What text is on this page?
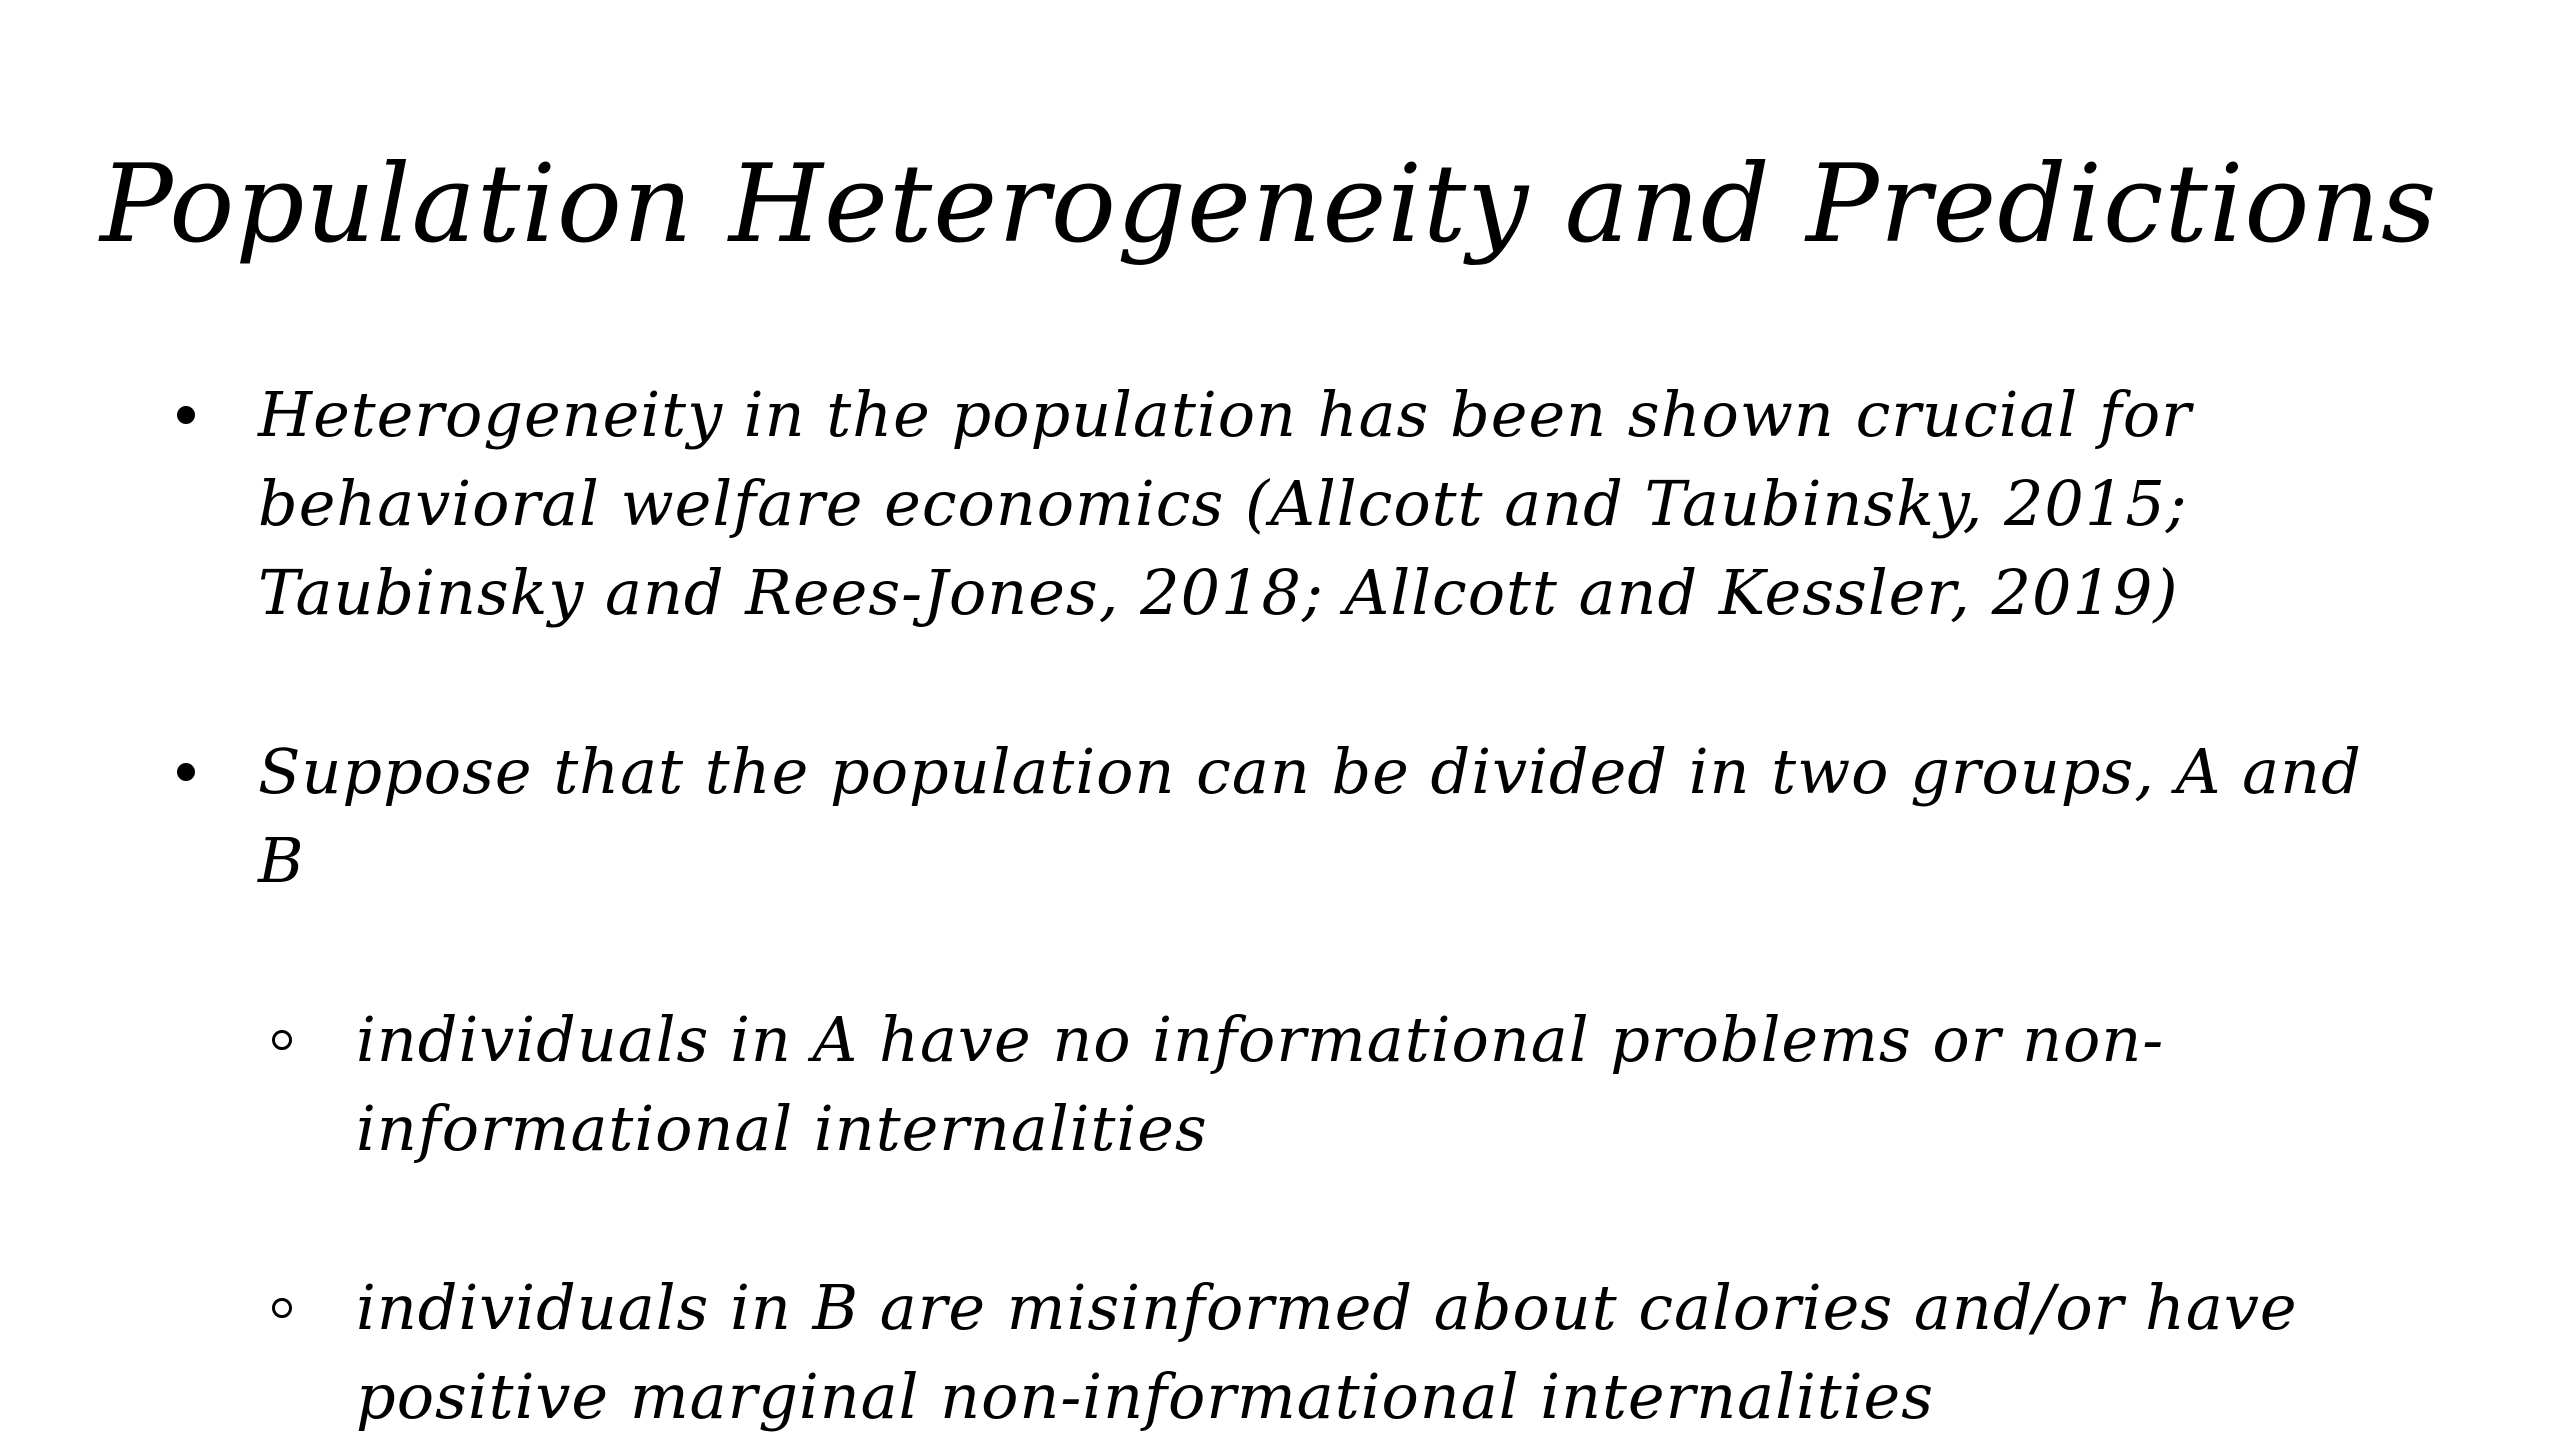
Population Heterogeneity and Predictions
Heterogeneity in the population has been shown crucial for behavioral welfare economics (Allcott and Taubinsky, 2015; Taubinsky and Rees-Jones, 2018; Allcott and Kessler, 2019)
Suppose that the population can be divided in two groups, A and B
individuals in A have no informational problems or non-informational internalities
individuals in B are misinformed about calories and/or have positive marginal non-informational internalities
